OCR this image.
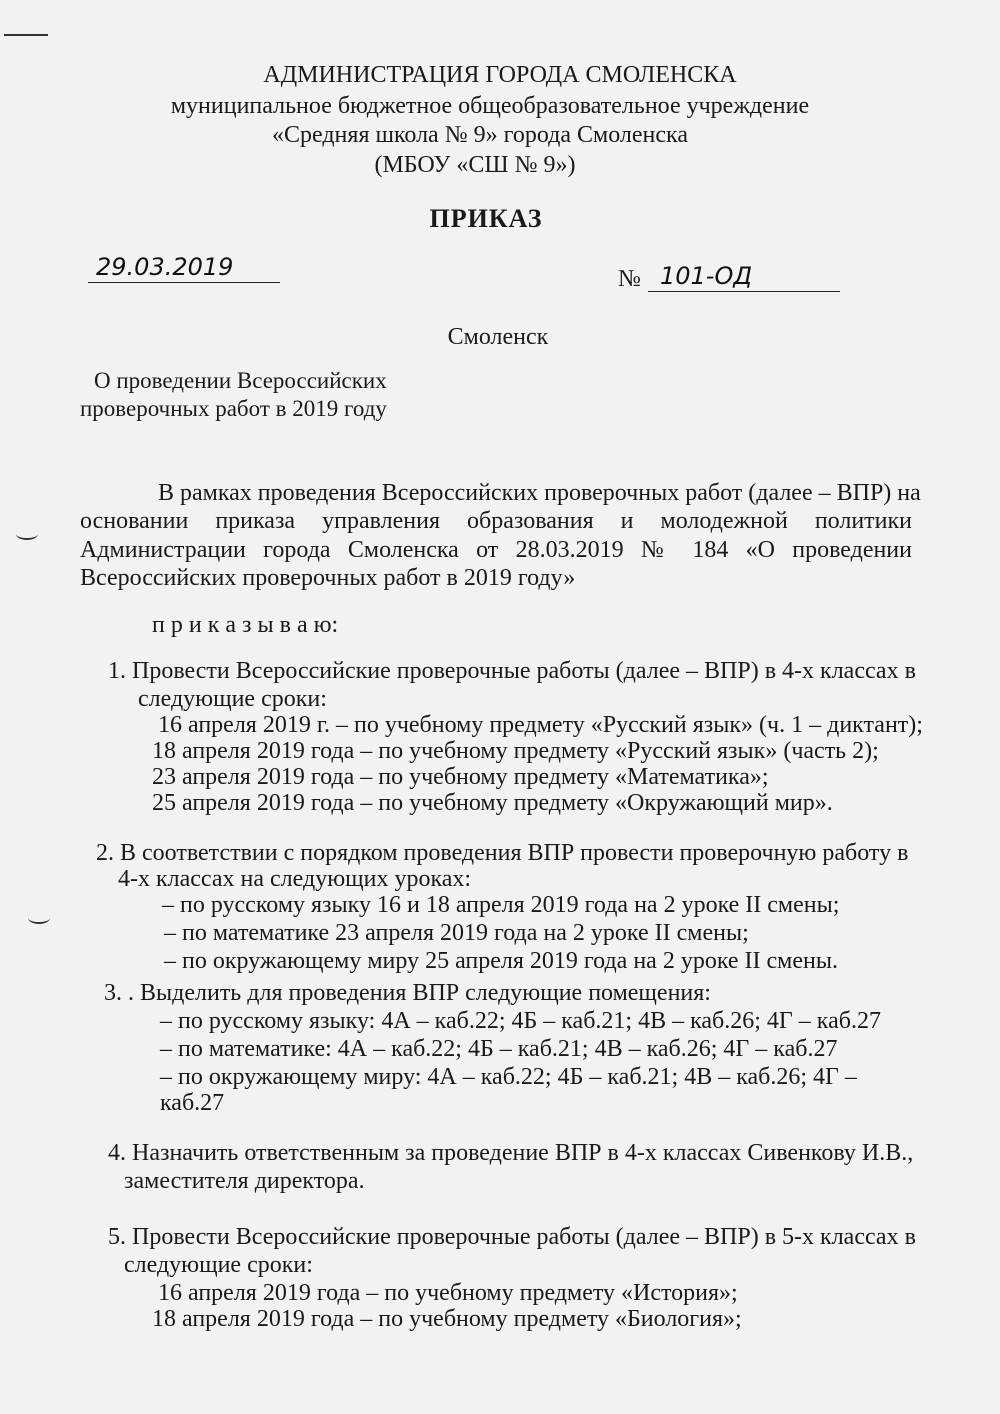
АДМИНИСТРАЦИЯ ГОРОДА СМОЛЕНСКА
муниципальное бюджетное общеобразовательное учреждение
«Средняя школа № 9» города Смоленска
(МБОУ «СШ № 9»)
ПРИКАЗ
29.03.2019	№ 101-ОД
Смоленск
О проведении Всероссийских
проверочных работ в 2019 году
В рамках проведения Всероссийских проверочных работ (далее – ВПР) на
основании приказа управления образования и молодежной политики
Администрации города Смоленска от 28.03.2019 № 184 «О проведении
Всероссийских проверочных работ в 2019 году»
п р и к а з ы в а ю:
1. Провести Всероссийские проверочные работы (далее – ВПР) в 4-х классах в
следующие сроки:
16 апреля 2019 г. – по учебному предмету «Русский язык» (ч. 1 – диктант);
18 апреля 2019 года – по учебному предмету «Русский язык» (часть 2);
23 апреля 2019 года – по учебному предмету «Математика»;
25 апреля 2019 года – по учебному предмету «Окружающий мир».
2. В соответствии с порядком проведения ВПР провести проверочную работу в
4-х классах на следующих уроках:
– по русскому языку 16 и 18 апреля 2019 года на 2 уроке II смены;
– по математике 23 апреля 2019 года на 2 уроке II смены;
– по окружающему миру 25 апреля 2019 года на 2 уроке II смены.
3. . Выделить для проведения ВПР следующие помещения:
– по русскому языку: 4А – каб.22; 4Б – каб.21; 4В – каб.26; 4Г – каб.27
– по математике: 4А – каб.22; 4Б – каб.21; 4В – каб.26; 4Г – каб.27
– по окружающему миру: 4А – каб.22; 4Б – каб.21; 4В – каб.26; 4Г –
каб.27
4. Назначить ответственным за проведение ВПР в 4-х классах Сивенкову И.В.,
заместителя директора.
5. Провести Всероссийские проверочные работы (далее – ВПР) в 5-х классах в
следующие сроки:
16 апреля 2019 года – по учебному предмету «История»;
18 апреля 2019 года – по учебному предмету «Биология»;
